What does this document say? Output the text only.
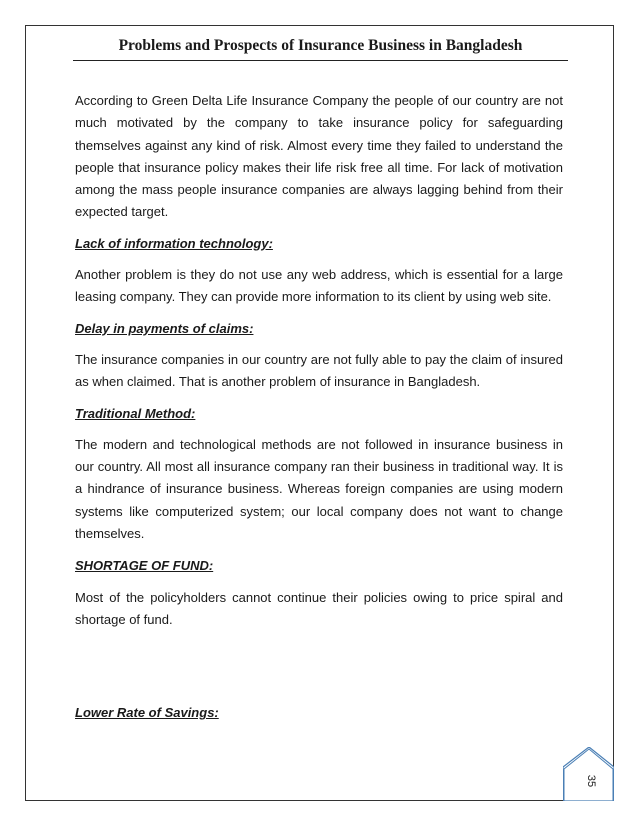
Problems and Prospects of Insurance Business in Bangladesh

According to Green Delta Life Insurance Company the people of our country are not much motivated by the company to take insurance policy for safeguarding themselves against any kind of risk. Almost every time they failed to understand the people that insurance policy makes their life risk free all time. For lack of motivation among the mass people insurance companies are always lagging behind from their expected target.

Lack of information technology:

Another problem is they do not use any web address, which is essential for a large leasing company. They can provide more information to its client by using web site.

Delay in payments of claims:

The insurance companies in our country are not fully able to pay the claim of insured as when claimed. That is another problem of insurance in Bangladesh.

Traditional Method:

The modern and technological methods are not followed in insurance business in our country. All most all insurance company ran their business in traditional way. It is a hindrance of insurance business. Whereas foreign companies are using modern systems like computerized system; our local company does not want to change themselves.

SHORTAGE OF FUND:

Most of the policyholders cannot continue their policies owing to price spiral and shortage of fund.

Lower Rate of Savings:
35
